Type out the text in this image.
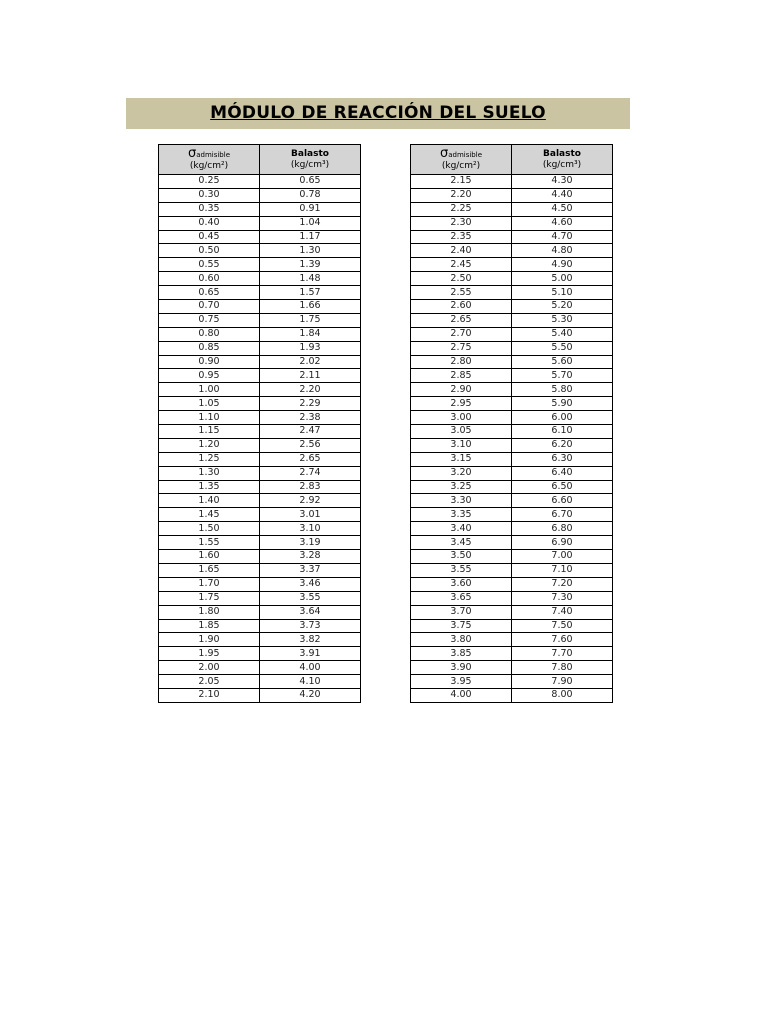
MÓDULO DE REACCIÓN DEL SUELO
σadmisible
(kg/cm²)	Balasto
(kg/cm³)
0.25	0.65
0.30	0.78
0.35	0.91
0.40	1.04
0.45	1.17
0.50	1.30
0.55	1.39
0.60	1.48
0.65	1.57
0.70	1.66
0.75	1.75
0.80	1.84
0.85	1.93
0.90	2.02
0.95	2.11
1.00	2.20
1.05	2.29
1.10	2.38
1.15	2.47
1.20	2.56
1.25	2.65
1.30	2.74
1.35	2.83
1.40	2.92
1.45	3.01
1.50	3.10
1.55	3.19
1.60	3.28
1.65	3.37
1.70	3.46
1.75	3.55
1.80	3.64
1.85	3.73
1.90	3.82
1.95	3.91
2.00	4.00
2.05	4.10
2.10	4.20
σadmisible
(kg/cm²)	Balasto
(kg/cm³)
2.15	4.30
2.20	4.40
2.25	4.50
2.30	4.60
2.35	4.70
2.40	4.80
2.45	4.90
2.50	5.00
2.55	5.10
2.60	5.20
2.65	5.30
2.70	5.40
2.75	5.50
2.80	5.60
2.85	5.70
2.90	5.80
2.95	5.90
3.00	6.00
3.05	6.10
3.10	6.20
3.15	6.30
3.20	6.40
3.25	6.50
3.30	6.60
3.35	6.70
3.40	6.80
3.45	6.90
3.50	7.00
3.55	7.10
3.60	7.20
3.65	7.30
3.70	7.40
3.75	7.50
3.80	7.60
3.85	7.70
3.90	7.80
3.95	7.90
4.00	8.00
